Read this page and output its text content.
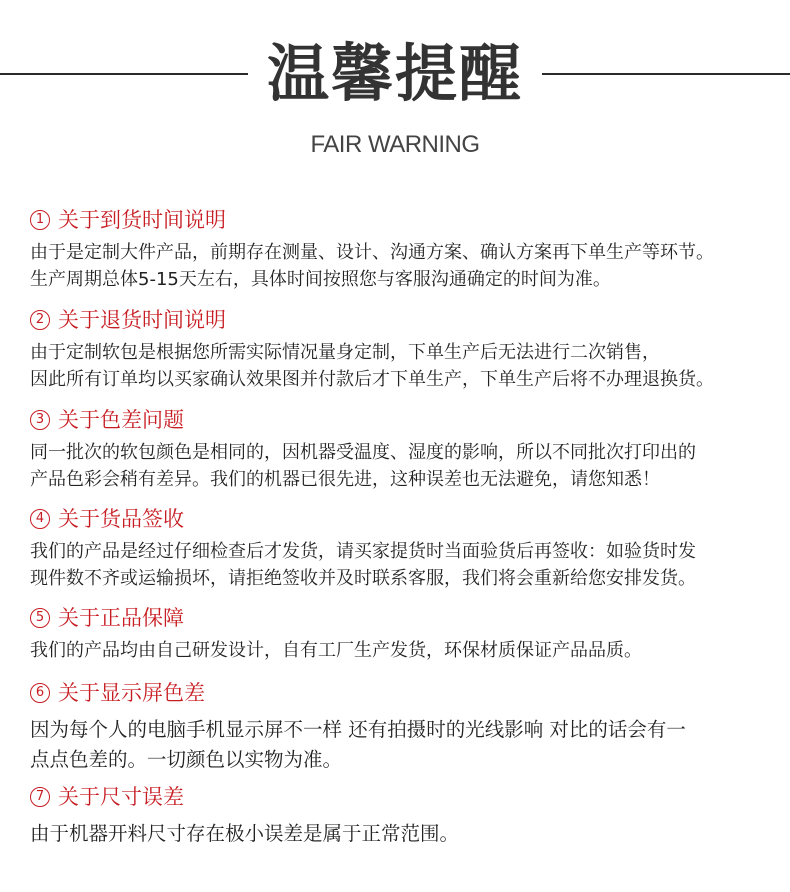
温馨提醒
FAIR WARNING
1 关于到货时间说明
由于是定制大件产品，前期存在测量、设计、沟通方案、确认方案再下单生产等环节。
生产周期总体5-15天左右，具体时间按照您与客服沟通确定的时间为准。
2 关于退货时间说明
由于定制软包是根据您所需实际情况量身定制，下单生产后无法进行二次销售，
因此所有订单均以买家确认效果图并付款后才下单生产，下单生产后将不办理退换货。
3 关于色差问题
同一批次的软包颜色是相同的，因机器受温度、湿度的影响，所以不同批次打印出的
产品色彩会稍有差异。我们的机器已很先进，这种误差也无法避免，请您知悉！
4 关于货品签收
我们的产品是经过仔细检查后才发货，请买家提货时当面验货后再签收：如验货时发
现件数不齐或运输损坏，请拒绝签收并及时联系客服，我们将会重新给您安排发货。
5 关于正品保障
我们的产品均由自己研发设计，自有工厂生产发货，环保材质保证产品品质。
6 关于显示屏色差
因为每个人的电脑手机显示屏不一样 还有拍摄时的光线影响 对比的话会有一
点点色差的。一切颜色以实物为准。
7 关于尺寸误差
由于机器开料尺寸存在极小误差是属于正常范围。
